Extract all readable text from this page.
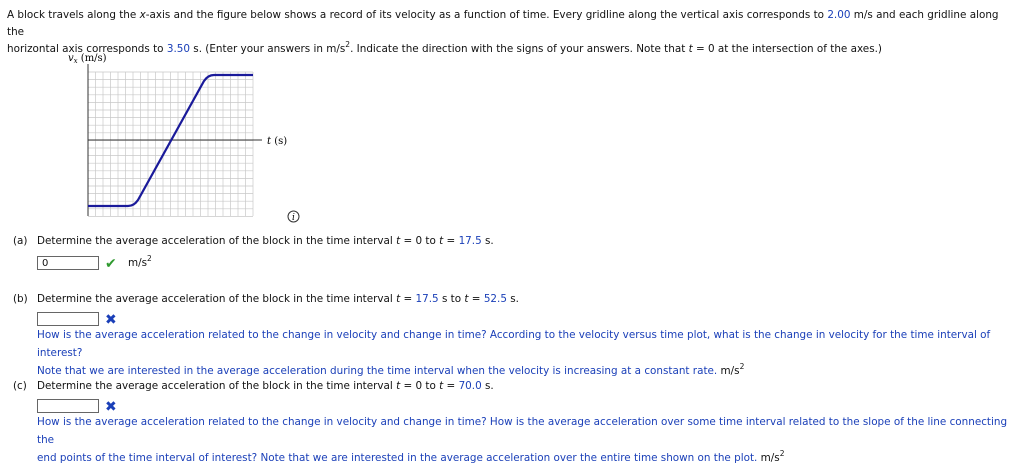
A block travels along the x-axis and the figure below shows a record of its velocity as a function of time. Every gridline along the vertical axis corresponds to 2.00 m/s and each gridline along the
horizontal axis corresponds to 3.50 s. (Enter your answers in $m/s^2$. Indicate the direction with the signs of your answers. Note that t = 0 at the intersection of the axes.)
$v_x$ (m/s)
t (s)
i
(a) Determine the average acceleration of the block in the time interval t = 0 to t = 17.5 s.
0	✔ $m/s^2$
(b) Determine the average acceleration of the block in the time interval t = 17.5 s to t = 52.5 s.
✖
How is the average acceleration related to the change in velocity and change in time? According to the velocity versus time plot, what is the change in velocity for the time interval of interest?
Note that we are interested in the average acceleration during the time interval when the velocity is increasing at a constant rate. $m/s^2$
(c) Determine the average acceleration of the block in the time interval t = 0 to t = 70.0 s.
✖
How is the average acceleration related to the change in velocity and change in time? How is the average acceleration over some time interval related to the slope of the line connecting the
end points of the time interval of interest? Note that we are interested in the average acceleration over the entire time shown on the plot. $m/s^2$
